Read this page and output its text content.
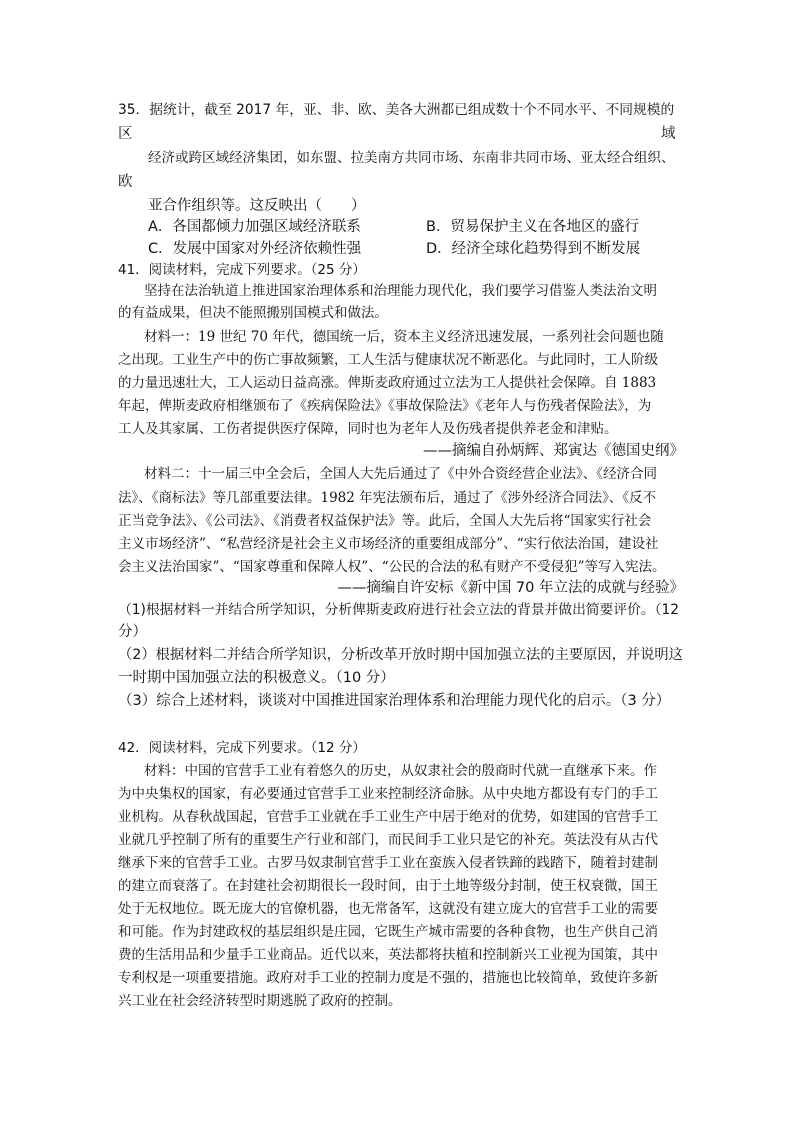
35．据统计，截至 2017 年，亚、非、欧、美各大洲都已组成数十个不同水平、不同规模的
区	域
经济或跨区域经济集团，如东盟、拉美南方共同市场、东南非共同市场、亚太经合组织、
欧
亚合作组织等。这反映出（　　）
A．各国都倾力加强区域经济联系	B．贸易保护主义在各地区的盛行
C．发展中国家对外经济依赖性强	D．经济全球化趋势得到不断发展
41．阅读材料，完成下列要求。（25 分）
坚持在法治轨道上推进国家治理体系和治理能力现代化，我们要学习借鉴人类法治文明
的有益成果，但决不能照搬别国模式和做法。
材料一：19 世纪 70 年代，德国统一后，资本主义经济迅速发展，一系列社会问题也随
之出现。工业生产中的伤亡事故频繁，工人生活与健康状况不断恶化。与此同时，工人阶级
的力量迅速壮大，工人运动日益高涨。俾斯麦政府通过立法为工人提供社会保障。自 1883
年起，俾斯麦政府相继颁布了《疾病保险法》《事故保险法》《老年人与伤残者保险法》，为
工人及其家属、工伤者提供医疗保障，同时也为老年人及伤残者提供养老金和津贴。
——摘编自孙炳辉、郑寅达《德国史纲》
材料二：十一届三中全会后，全国人大先后通过了《中外合资经营企业法》、《经济合同
法》、《商标法》等几部重要法律。1982 年宪法颁布后，通过了《涉外经济合同法》、《反不
正当竞争法》、《公司法》、《消费者权益保护法》等。此后，全国人大先后将“国家实行社会
主义市场经济”、“私营经济是社会主义市场经济的重要组成部分”、“实行依法治国，建设社
会主义法治国家”、“国家尊重和保障人权”、“公民的合法的私有财产不受侵犯”等写入宪法。
——摘编自许安标《新中国 70 年立法的成就与经验》
（1)根据材料一并结合所学知识，分析俾斯麦政府进行社会立法的背景并做出简要评价。（12
分）
（2）根据材料二并结合所学知识，分析改革开放时期中国加强立法的主要原因，并说明这
一时期中国加强立法的积极意义。（10 分）
（3）综合上述材料，谈谈对中国推进国家治理体系和治理能力现代化的启示。（3 分）
42．阅读材料，完成下列要求。（12 分）
材料：中国的官营手工业有着悠久的历史，从奴隶社会的殷商时代就一直继承下来。作
为中央集权的国家，有必要通过官营手工业来控制经济命脉。从中央地方都设有专门的手工
业机构。从春秋战国起，官营手工业就在手工业生产中居于绝对的优势，如建国的官营手工
业就几乎控制了所有的重要生产行业和部门，而民间手工业只是它的补充。英法没有从古代
继承下来的官营手工业。古罗马奴隶制官营手工业在蛮族入侵者铁蹄的践踏下，随着封建制
的建立而衰落了。在封建社会初期很长一段时间，由于土地等级分封制，使王权衰微，国王
处于无权地位。既无庞大的官僚机器，也无常备军，这就没有建立庞大的官营手工业的需要
和可能。作为封建政权的基层组织是庄园，它既生产城市需要的各种食物，也生产供自己消
费的生活用品和少量手工业商品。近代以来，英法都将扶植和控制新兴工业视为国策，其中
专利权是一项重要措施。政府对手工业的控制力度是不强的，措施也比较简单，致使许多新
兴工业在社会经济转型时期逃脱了政府的控制。
